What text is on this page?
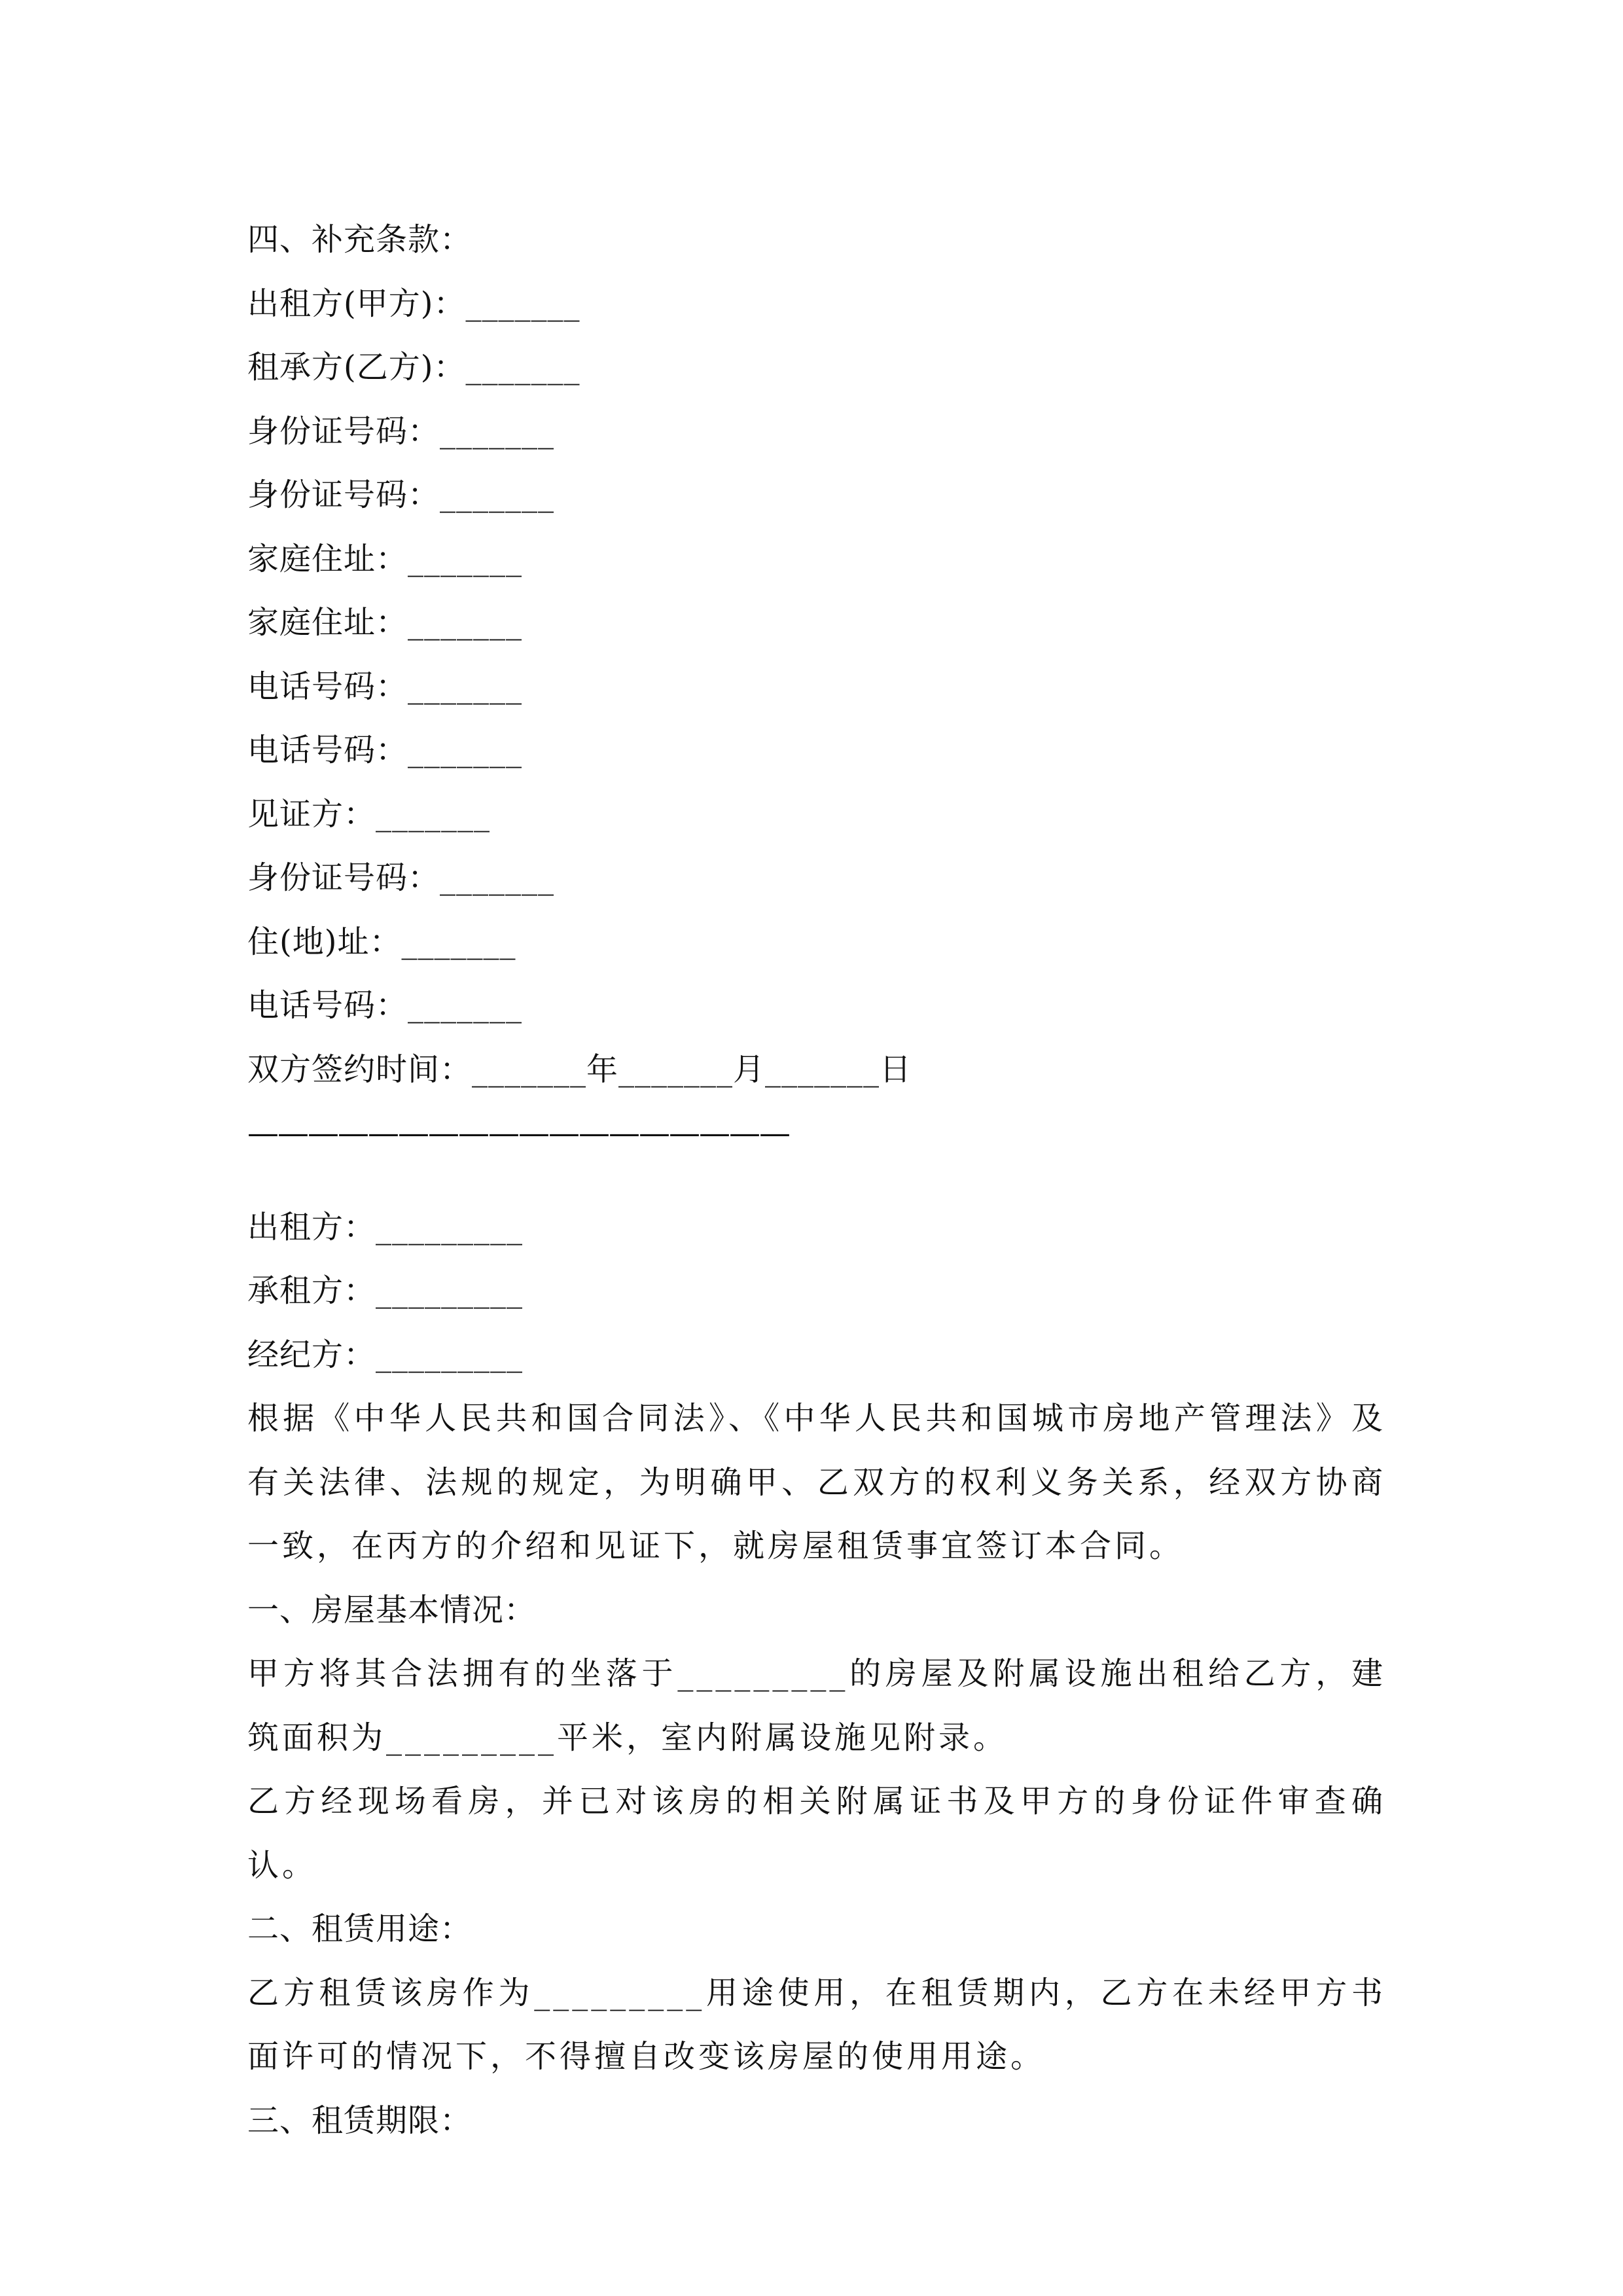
四、补充条款：
出租方(甲方)：_______
租承方(乙方)：_______
身份证号码：_______
身份证号码：_______
家庭住址：_______
家庭住址：_______
电话号码：_______
电话号码：_______
见证方：_______
身份证号码：_______
住(地)址：_______
电话号码：_______
双方签约时间：_______年_______月_______日
——————————————————
出租方：_________
承租方：_________
经纪方：_________
根据《中华人民共和国合同法》、《中华人民共和国城市房地产管理法》及有关法律、法规的规定，为明确甲、乙双方的权利义务关系，经双方协商一致，在丙方的介绍和见证下，就房屋租赁事宜签订本合同。
一、房屋基本情况：
甲方将其合法拥有的坐落于_________的房屋及附属设施出租给乙方，建筑面积为_________平米，室内附属设施见附录。
乙方经现场看房，并已对该房的相关附属证书及甲方的身份证件审查确认。
二、租赁用途：
乙方租赁该房作为_________用途使用，在租赁期内，乙方在未经甲方书面许可的情况下，不得擅自改变该房屋的使用用途。
三、租赁期限：
